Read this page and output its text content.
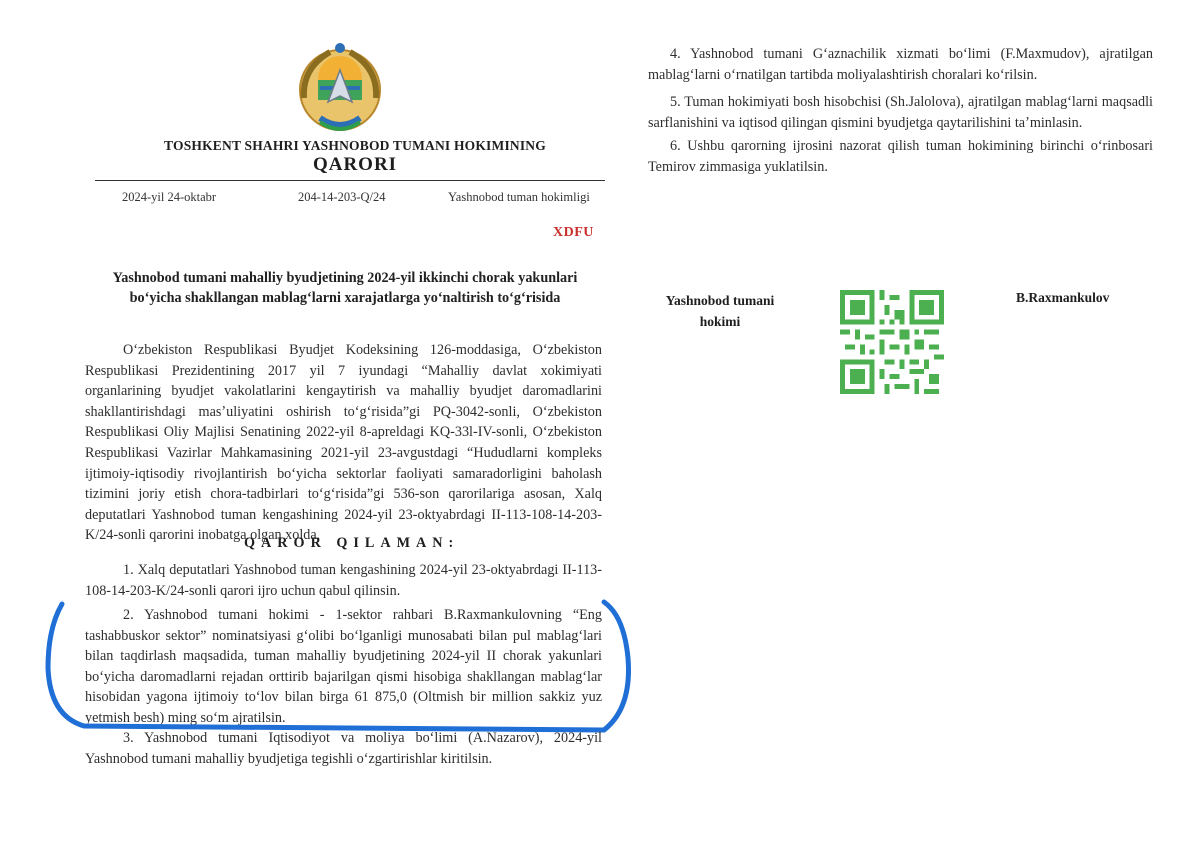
TOSHKENT SHAHRI YASHNOBOD TUMANI HOKIMINING
QARORI
2024-yil 24-oktabr	204-14-203-Q/24	Yashnobod tuman hokimligi
XDFU
Yashnobod tumani mahalliy byudjetining 2024-yil ikkinchi chorak yakunlari
boʻyicha shakllangan mablagʻlarni xarajatlarga yoʻnaltirish toʻgʻrisida
Oʻzbekiston Respublikasi Byudjet Kodeksining 126-moddasiga, Oʻzbekiston Respublikasi Prezidentining 2017 yil 7 iyundagi “Mahalliy davlat xokimiyati organlarining byudjet vakolatlarini kengaytirish va mahalliy byudjet daromadlarini shakllantirishdagi masʼuliyatini oshirish toʻgʻrisida”gi PQ-3042-sonli, Oʻzbekiston Respublikasi Oliy Majlisi Senatining 2022-yil 8-apreldagi KQ-33l-IV-sonli, Oʻzbekiston Respublikasi Vazirlar Mahkamasining 2021-yil 23-avgustdagi “Hududlarni kompleks ijtimoiy-iqtisodiy rivojlantirish boʻyicha sektorlar faoliyati samaradorligini baholash tizimini joriy etish chora-tadbirlari toʻgʻrisida”gi 536-son qarorilariga asosan, Xalq deputatlari Yashnobod tuman kengashining 2024-yil 23-oktyabrdagi II-113-108-14-203-K/24-sonli qarorini inobatga olgan xolda,
QAROR QILAMAN:
1. Xalq deputatlari Yashnobod tuman kengashining 2024-yil 23-oktyabrdagi II-113-108-14-203-K/24-sonli qarori ijro uchun qabul qilinsin.
2. Yashnobod tumani hokimi - 1-sektor rahbari B.Raxmankulovning “Eng tashabbuskor sektor” nominatsiyasi gʻolibi boʻlganligi munosabati bilan pul mablagʻlari bilan taqdirlash maqsadida, tuman mahalliy byudjetining 2024-yil II chorak yakunlari boʻyicha daromadlarni rejadan orttirib bajarilgan qismi hisobiga shakllangan mablagʻlar hisobidan yagona ijtimoiy toʻlov bilan birga 61 875,0 (Oltmish bir million sakkiz yuz yetmish besh) ming soʻm ajratilsin.
3. Yashnobod tumani Iqtisodiyot va moliya boʻlimi (A.Nazarov), 2024-yil Yashnobod tumani mahalliy byudjetiga tegishli oʻzgartirishlar kiritilsin.
4. Yashnobod tumani Gʻaznachilik xizmati boʻlimi (F.Maxmudov), ajratilgan mablagʻlarni oʻrnatilgan tartibda moliyalashtirish choralari koʻrilsin.
5. Tuman hokimiyati bosh hisobchisi (Sh.Jalolova), ajratilgan mablagʻlarni maqsadli sarflanishini va iqtisod qilingan qismini byudjetga qaytarilishini taʼminlasin.
6. Ushbu qarorning ijrosini nazorat qilish tuman hokimining birinchi oʻrinbosari Temirov zimmasiga yuklatilsin.
Yashnobod tumani
hokimi
B.Raxmankulov
